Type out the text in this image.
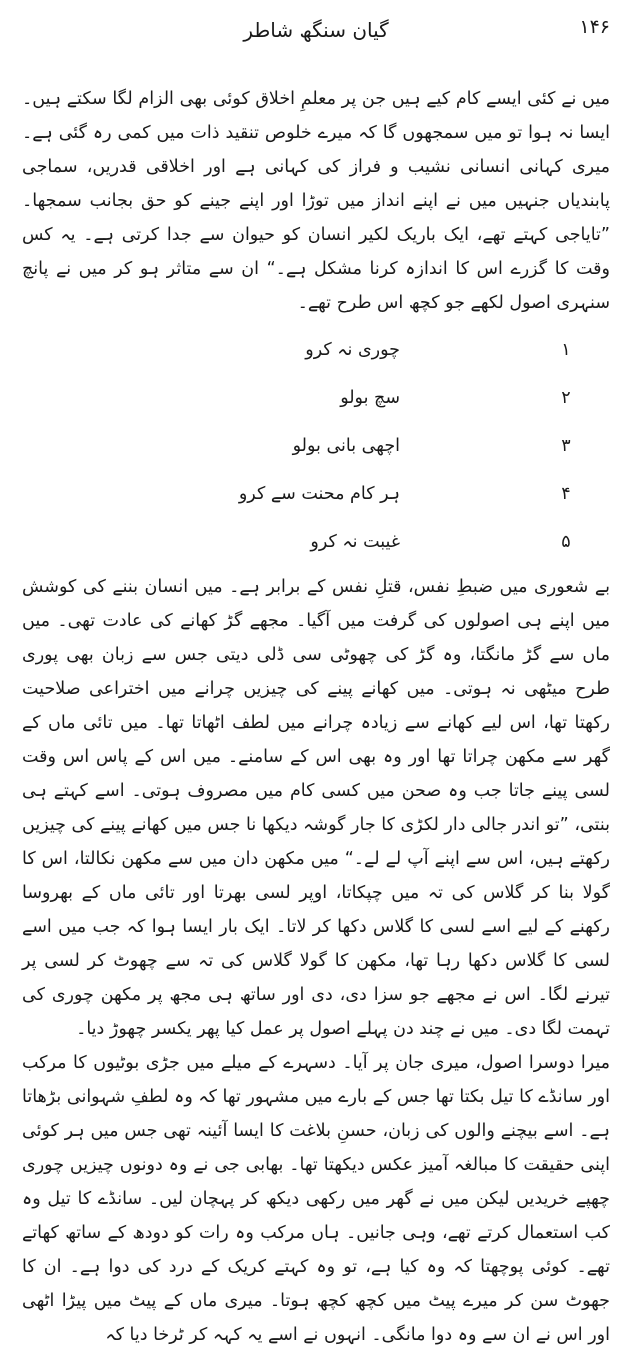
گیان سنگھ شاطر	۱۴۶

میں نے کئی ایسے کام کیے ہیں جن پر معلمِ اخلاق کوئی بھی الزام لگا سکتے ہیں۔ ایسا نہ ہوا تو میں سمجھوں گا کہ میرے خلوص تنقید ذات میں کمی رہ گئی ہے۔ میری کہانی انسانی نشیب و فراز کی کہانی ہے اور اخلاقی قدریں، سماجی پابندیاں جنہیں میں نے اپنے انداز میں توڑا اور اپنے جینے کو حق بجانب سمجھا۔ ”تایاجی کہتے تھے، ایک باریک لکیر انسان کو حیوان سے جدا کرتی ہے۔ یہ کس وقت کا گزرے اس کا اندازہ کرنا مشکل ہے۔“ ان سے متاثر ہو کر میں نے پانچ سنہری اصول لکھے جو کچھ اس طرح تھے۔

١
چوری نہ کرو
۲
سچ بولو
۳
اچھی بانی بولو
۴
ہر کام محنت سے کرو
۵
غیبت نہ کرو

بے شعوری میں ضبطِ نفس، قتلِ نفس کے برابر ہے۔ میں انسان بننے کی کوشش میں اپنے ہی اصولوں کی گرفت میں آگیا۔ مجھے گڑ کھانے کی عادت تھی۔ میں ماں سے گڑ مانگتا، وہ گڑ کی چھوٹی سی ڈلی دیتی جس سے زبان بھی پوری طرح میٹھی نہ ہوتی۔ میں کھانے پینے کی چیزیں چرانے میں اختراعی صلاحیت رکھتا تھا، اس لیے کھانے سے زیادہ چرانے میں لطف اٹھاتا تھا۔ میں تائی ماں کے گھر سے مکھن چراتا تھا اور وہ بھی اس کے سامنے۔ میں اس کے پاس اس وقت لسی پینے جاتا جب وہ صحن میں کسی کام میں مصروف ہوتی۔ اسے کہتے ہی بنتی، ”تو اندر جالی دار لکڑی کا جار گوشہ دیکھا نا جس میں کھانے پینے کی چیزیں رکھتے ہیں، اس سے اپنے آپ لے لے۔“ میں مکھن دان میں سے مکھن نکالتا، اس کا گولا بنا کر گلاس کی تہ میں چپکاتا، اوپر لسی بھرتا اور تائی ماں کے بھروسا رکھنے کے لیے اسے لسی کا گلاس دکھا کر لاتا۔ ایک بار ایسا ہوا کہ جب میں اسے لسی کا گلاس دکھا رہا تھا، مکھن کا گولا گلاس کی تہ سے چھوٹ کر لسی پر تیرنے لگا۔ اس نے مجھے جو سزا دی، دی اور ساتھ ہی مجھ پر مکھن چوری کی تہمت لگا دی۔ میں نے چند دن پہلے اصول پر عمل کیا پھر یکسر چھوڑ دیا۔

میرا دوسرا اصول، میری جان پر آیا۔ دسہرے کے میلے میں جڑی بوٹیوں کا مرکب اور سانڈے کا تیل بکتا تھا جس کے بارے میں مشہور تھا کہ وہ لطفِ شہوانی بڑھاتا ہے۔ اسے بیچنے والوں کی زبان، حسنِ بلاغت کا ایسا آئینہ تھی جس میں ہر کوئی اپنی حقیقت کا مبالغہ آمیز عکس دیکھتا تھا۔ بھابی جی نے وہ دونوں چیزیں چوری چھپے خریدیں لیکن میں نے گھر میں رکھی دیکھ کر پہچان لیں۔ سانڈے کا تیل وہ کب استعمال کرتے تھے، وہی جانیں۔ ہاں مرکب وہ رات کو دودھ کے ساتھ کھاتے تھے۔ کوئی پوچھتا کہ وہ کیا ہے، تو وہ کہتے کریک کے درد کی دوا ہے۔ ان کا جھوٹ سن کر میرے پیٹ میں کچھ کچھ ہوتا۔ میری ماں کے پیٹ میں پیڑا اٹھی اور اس نے ان سے وہ دوا مانگی۔ انہوں نے اسے یہ کہہ کر ٹرخا دیا کہ
